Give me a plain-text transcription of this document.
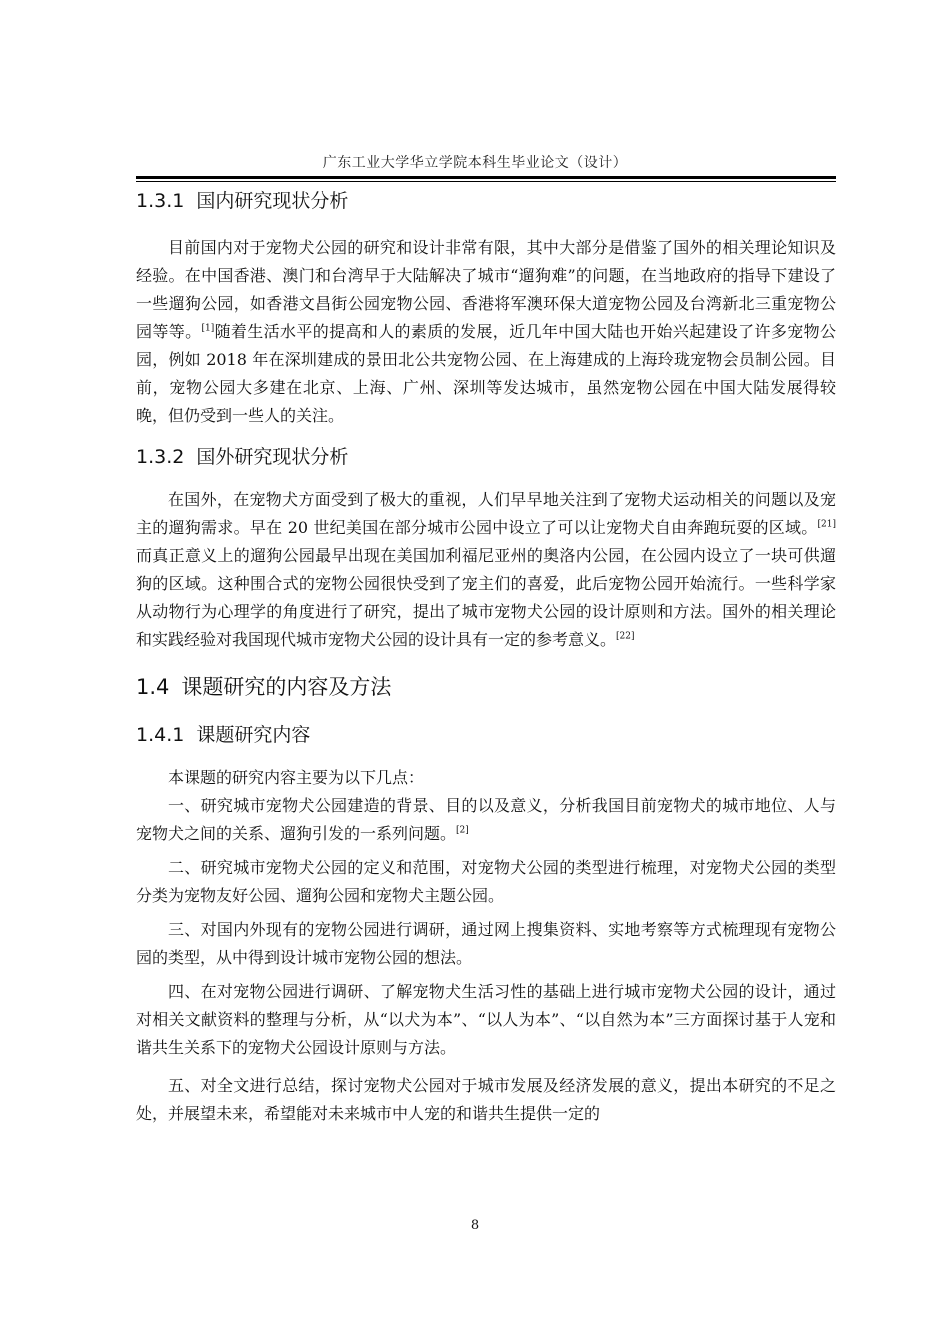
广东工业大学华立学院本科生毕业论文（设计）
1.3.1 国内研究现状分析

目前国内对于宠物犬公园的研究和设计非常有限，其中大部分是借鉴了国外的相关理论知识及经验。在中国香港、澳门和台湾早于大陆解决了城市“遛狗难”的问题，在当地政府的指导下建设了一些遛狗公园，如香港文昌街公园宠物公园、香港将军澳环保大道宠物公园及台湾新北三重宠物公园等等。[1]随着生活水平的提高和人的素质的发展，近几年中国大陆也开始兴起建设了许多宠物公园，例如 2018 年在深圳建成的景田北公共宠物公园、在上海建成的上海玲珑宠物会员制公园。目前，宠物公园大多建在北京、上海、广州、深圳等发达城市，虽然宠物公园在中国大陆发展得较晚，但仍受到一些人的关注。

1.3.2 国外研究现状分析

在国外，在宠物犬方面受到了极大的重视，人们早早地关注到了宠物犬运动相关的问题以及宠主的遛狗需求。早在 20 世纪美国在部分城市公园中设立了可以让宠物犬自由奔跑玩耍的区域。[21]而真正意义上的遛狗公园最早出现在美国加利福尼亚州的奥洛内公园，在公园内设立了一块可供遛狗的区域。这种围合式的宠物公园很快受到了宠主们的喜爱，此后宠物公园开始流行。一些科学家从动物行为心理学的角度进行了研究，提出了城市宠物犬公园的设计原则和方法。国外的相关理论和实践经验对我国现代城市宠物犬公园的设计具有一定的参考意义。[22]

1.4 课题研究的内容及方法
1.4.1 课题研究内容

本课题的研究内容主要为以下几点：

一、研究城市宠物犬公园建造的背景、目的以及意义，分析我国目前宠物犬的城市地位、人与宠物犬之间的关系、遛狗引发的一系列问题。[2]

二、研究城市宠物犬公园的定义和范围，对宠物犬公园的类型进行梳理，对宠物犬公园的类型分类为宠物友好公园、遛狗公园和宠物犬主题公园。

三、对国内外现有的宠物公园进行调研，通过网上搜集资料、实地考察等方式梳理现有宠物公园的类型，从中得到设计城市宠物公园的想法。

四、在对宠物公园进行调研、了解宠物犬生活习性的基础上进行城市宠物犬公园的设计，通过对相关文献资料的整理与分析，从“以犬为本”、“以人为本”、“以自然为本”三方面探讨基于人宠和谐共生关系下的宠物犬公园设计原则与方法。

五、对全文进行总结，探讨宠物犬公园对于城市发展及经济发展的意义，提出本研究的不足之处，并展望未来，希望能对未来城市中人宠的和谐共生提供一定的

8
